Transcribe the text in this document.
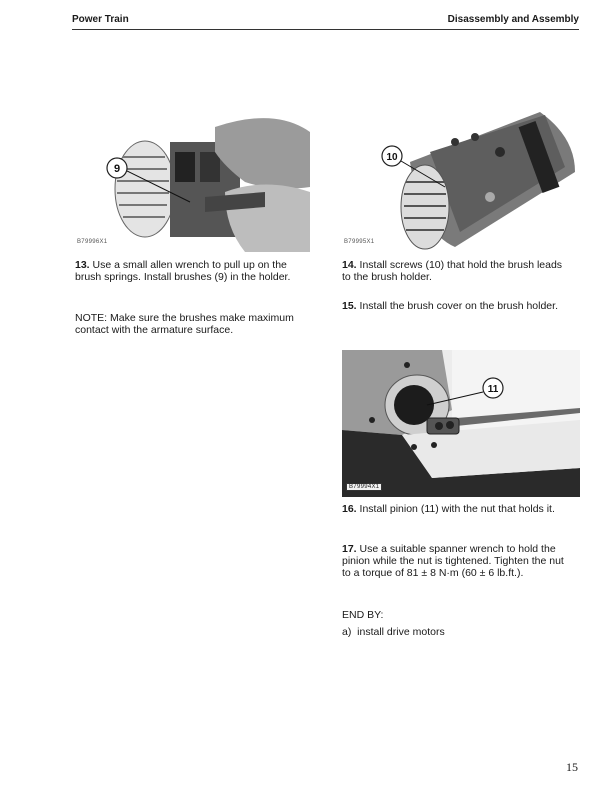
Power Train	Disassembly and Assembly
9
B79996X1
10
B79995X1
13. Use a small allen wrench to pull up on the brush springs. Install brushes (9) in the holder.
NOTE: Make sure the brushes make maximum contact with the armature surface.
14. Install screws (10) that hold the brush leads to the brush holder.
15. Install the brush cover on the brush holder.
11
B79994X1
16. Install pinion (11) with the nut that holds it.
17. Use a suitable spanner wrench to hold the pinion while the nut is tightened. Tighten the nut to a torque of 81 ± 8 N·m (60 ± 6 lb.ft.).
END BY:
a)  install drive motors
15
